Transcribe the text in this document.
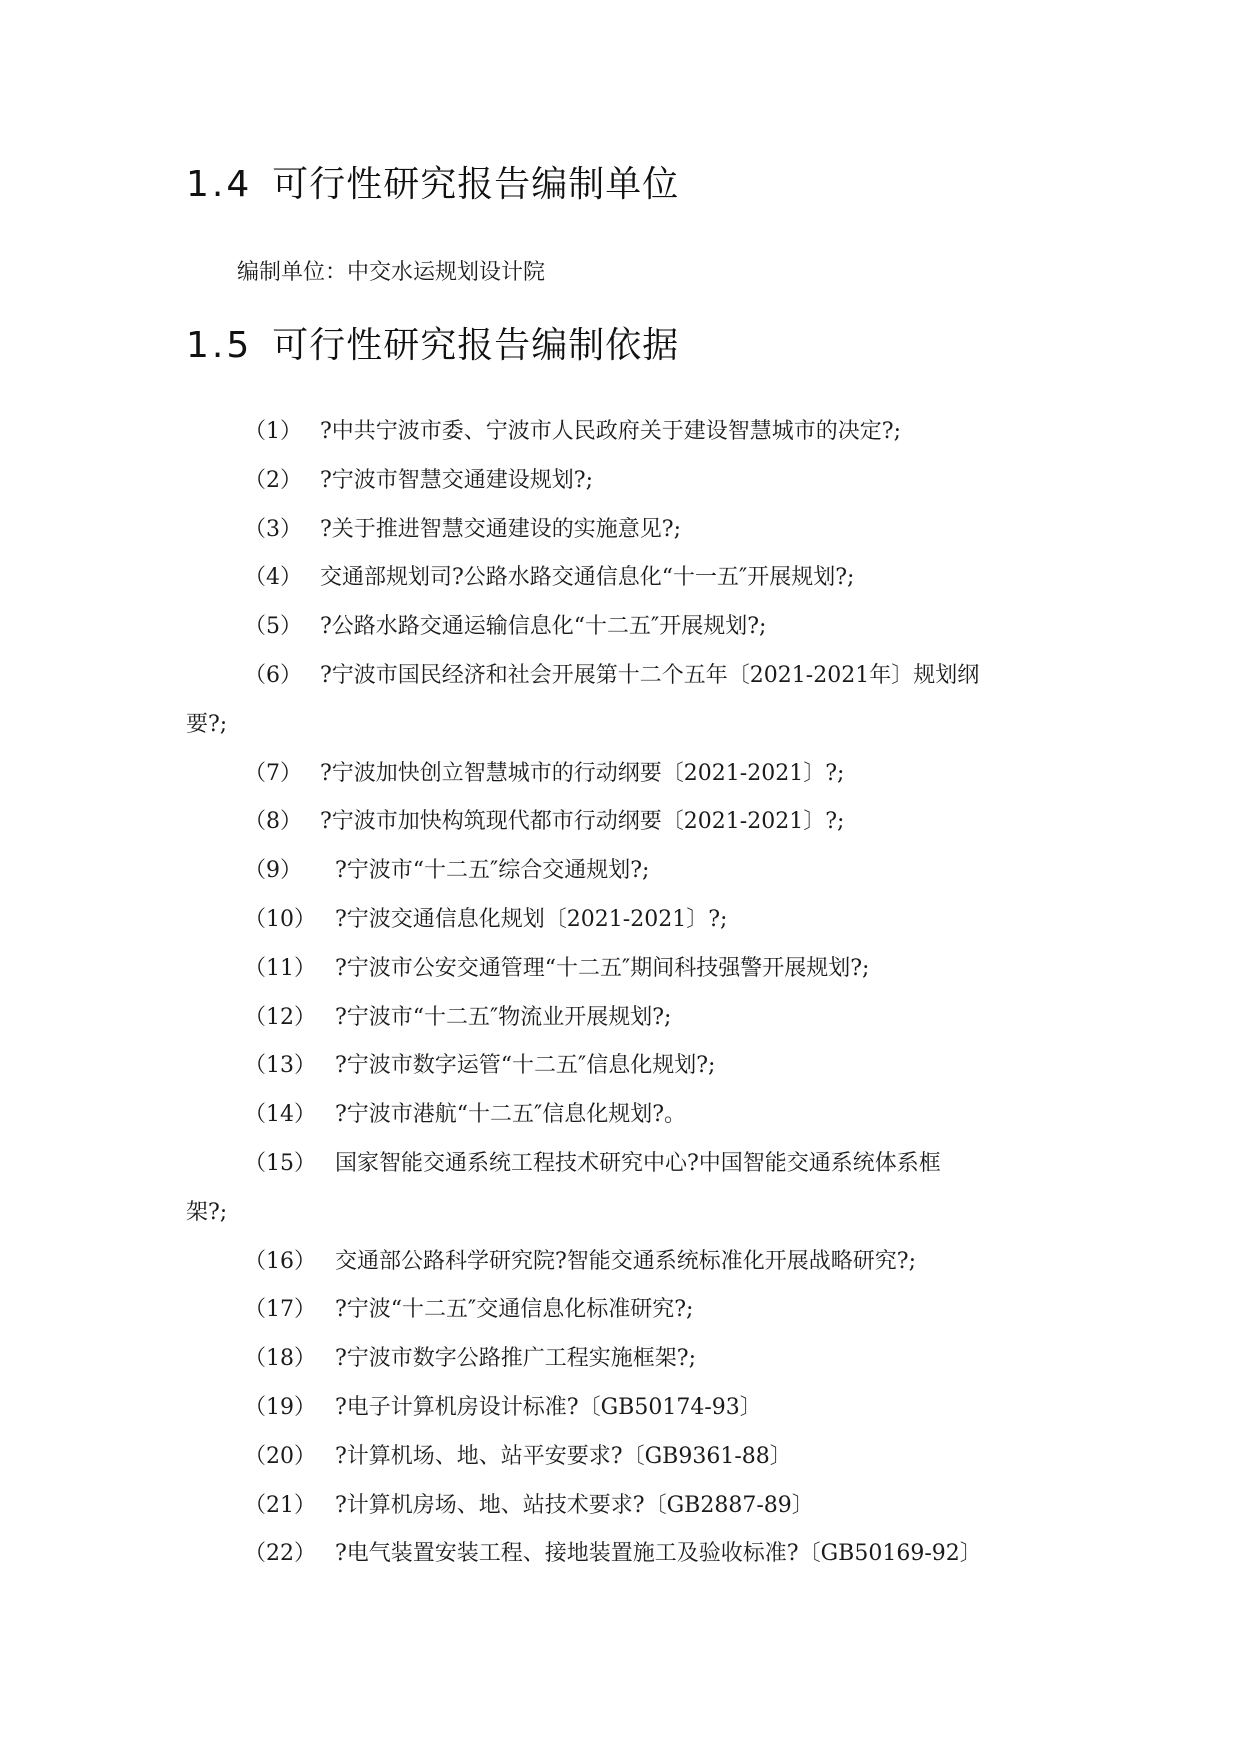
1.4 可行性研究报告编制单位
编制单位：中交水运规划设计院
1.5 可行性研究报告编制依据
（1） ?中共宁波市委、宁波市人民政府关于建设智慧城市的决定?;
（2） ?宁波市智慧交通建设规划?;
（3） ?关于推进智慧交通建设的实施意见?;
（4） 交通部规划司?公路水路交通信息化“十一五″开展规划?;
（5） ?公路水路交通运输信息化“十二五″开展规划?;
（6） ?宁波市国民经济和社会开展第十二个五年〔2021-2021年〕规划纲
要?;
（7） ?宁波加快创立智慧城市的行动纲要〔2021-2021〕?;
（8） ?宁波市加快构筑现代都市行动纲要〔2021-2021〕?;
（9） ?宁波市“十二五″综合交通规划?;
（10） ?宁波交通信息化规划〔2021-2021〕?;
（11） ?宁波市公安交通管理“十二五″期间科技强警开展规划?;
（12） ?宁波市“十二五″物流业开展规划?;
（13） ?宁波市数字运管“十二五″信息化规划?;
（14） ?宁波市港航“十二五″信息化规划?。
（15） 国家智能交通系统工程技术研究中心?中国智能交通系统体系框
架?;
（16） 交通部公路科学研究院?智能交通系统标准化开展战略研究?;
（17） ?宁波“十二五″交通信息化标准研究?;
（18） ?宁波市数字公路推广工程实施框架?;
（19） ?电子计算机房设计标准?〔GB50174-93〕
（20） ?计算机场、地、站平安要求?〔GB9361-88〕
（21） ?计算机房场、地、站技术要求?〔GB2887-89〕
（22） ?电气装置安装工程、接地装置施工及验收标准?〔GB50169-92〕
